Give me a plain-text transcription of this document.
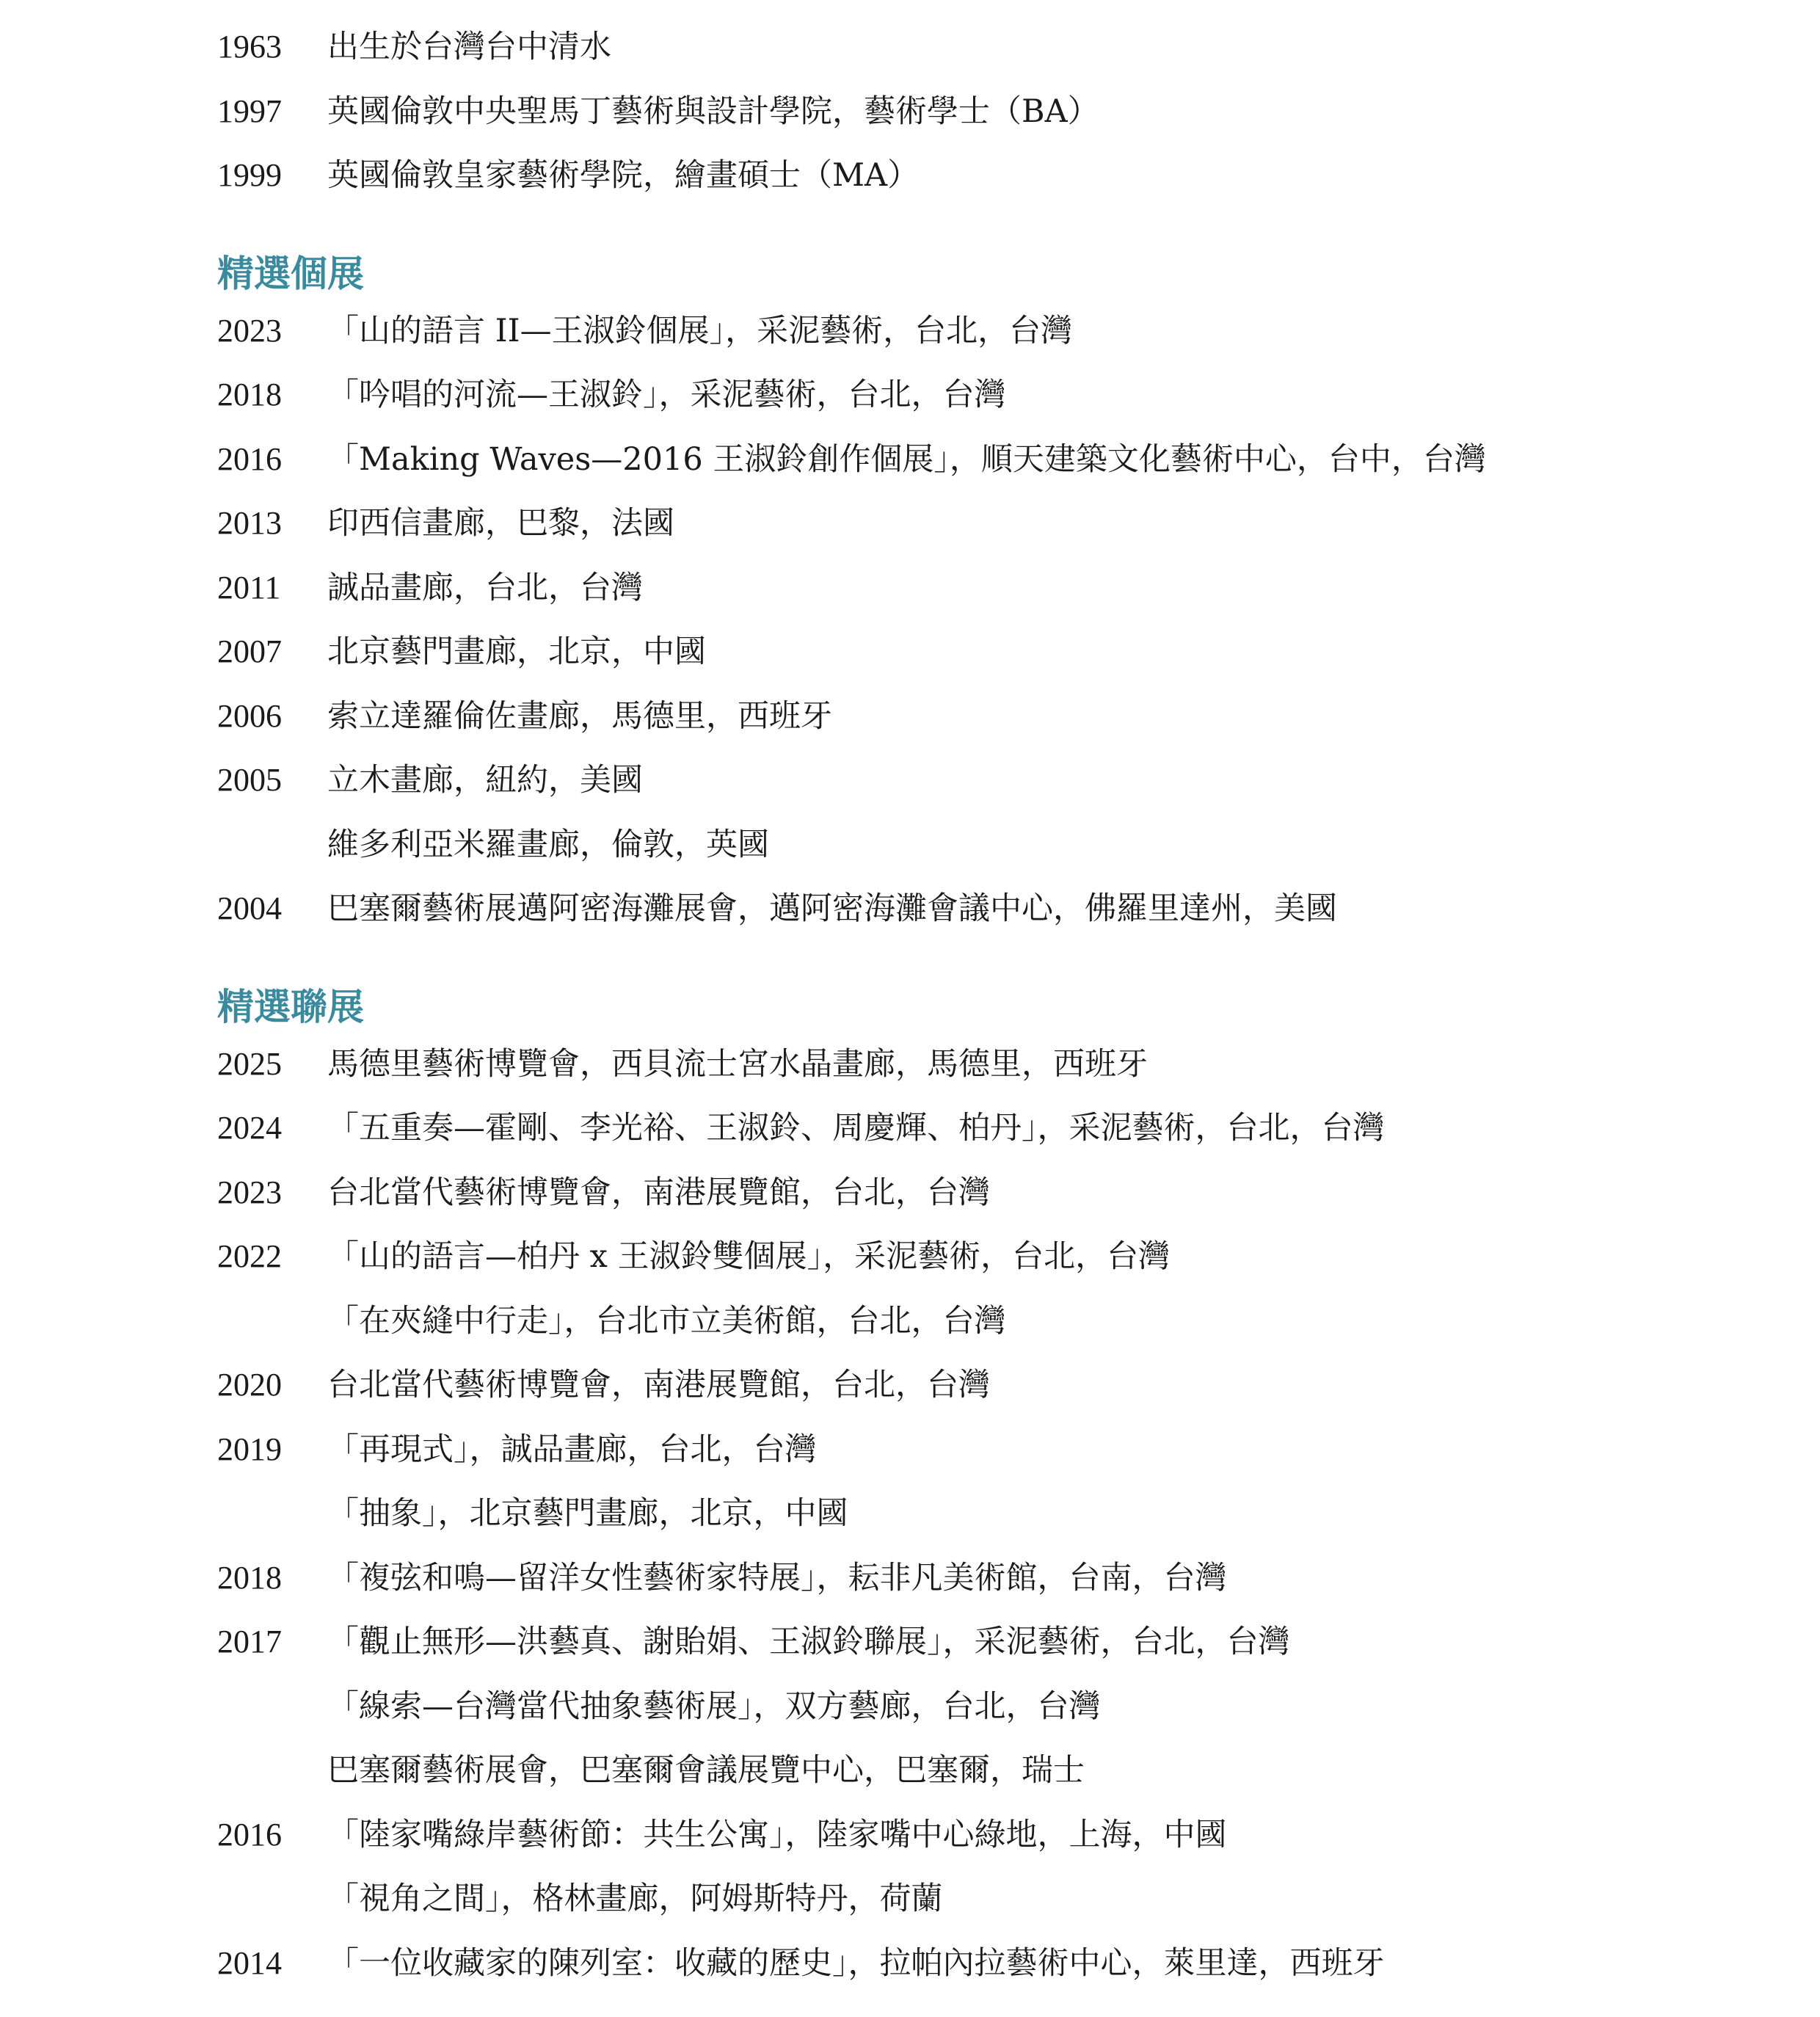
1963	出生於台灣台中清水
1997	英國倫敦中央聖馬丁藝術與設計學院，藝術學士（BA）
1999	英國倫敦皇家藝術學院，繪畫碩士（MA）
精選個展
2023	「山的語言 II—王淑鈴個展」，采泥藝術，台北，台灣
2018	「吟唱的河流—王淑鈴」，采泥藝術，台北，台灣
2016	「Making Waves—2016 王淑鈴創作個展」，順天建築文化藝術中心，台中，台灣
2013	印西信畫廊，巴黎，法國
2011	誠品畫廊，台北，台灣
2007	北京藝門畫廊，北京，中國
2006	索立達羅倫佐畫廊，馬德里，西班牙
2005	立木畫廊，紐約，美國
維多利亞米羅畫廊，倫敦，英國
2004	巴塞爾藝術展邁阿密海灘展會，邁阿密海灘會議中心，佛羅里達州，美國
精選聯展
2025	馬德里藝術博覽會，西貝流士宮水晶畫廊，馬德里，西班牙
2024	「五重奏—霍剛、李光裕、王淑鈴、周慶輝、柏丹」，采泥藝術，台北，台灣
2023	台北當代藝術博覽會，南港展覽館，台北，台灣
2022	「山的語言—柏丹 x 王淑鈴雙個展」，采泥藝術，台北，台灣
「在夾縫中行走」，台北市立美術館，台北，台灣
2020	台北當代藝術博覽會，南港展覽館，台北，台灣
2019	「再現式」，誠品畫廊，台北，台灣
「抽象」，北京藝門畫廊，北京，中國
2018	「複弦和鳴—留洋女性藝術家特展」，耘非凡美術館，台南，台灣
2017	「觀止無形—洪藝真、謝貽娟、王淑鈴聯展」，采泥藝術，台北，台灣
「線索—台灣當代抽象藝術展」，双方藝廊，台北，台灣
巴塞爾藝術展會，巴塞爾會議展覽中心，巴塞爾，瑞士
2016	「陸家嘴綠岸藝術節：共生公寓」，陸家嘴中心綠地，上海，中國
「視角之間」，格林畫廊，阿姆斯特丹，荷蘭
2014	「一位收藏家的陳列室：收藏的歷史」，拉帕內拉藝術中心，萊里達，西班牙
